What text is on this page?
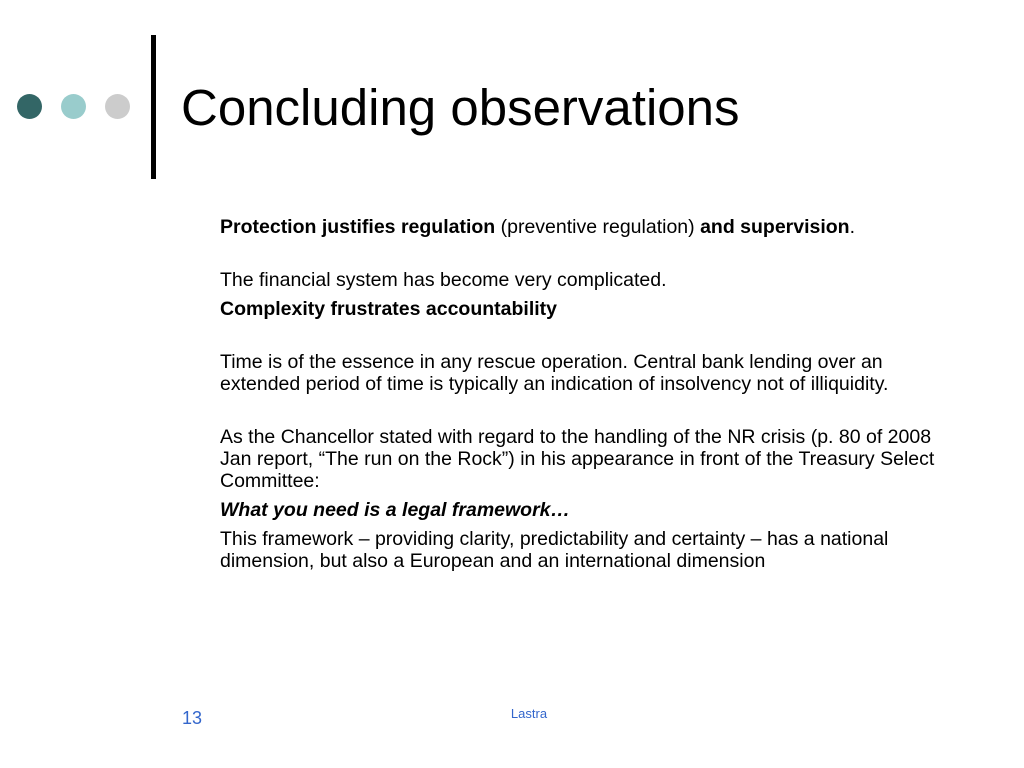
Concluding observations

Protection justifies regulation (preventive regulation) and supervision.

The financial system has become very complicated.

Complexity frustrates accountability

Time is of the essence in any rescue operation. Central bank lending over an extended period of time is typically an indication of insolvency not of illiquidity.

As the Chancellor stated with regard to the handling of the NR crisis (p. 80 of 2008 Jan report, “The run on the Rock”) in his appearance in front of the Treasury Select Committee:

What you need is a legal framework…

This framework – providing clarity, predictability and certainty – has a national dimension, but also a European and an international dimension

13	Lastra
